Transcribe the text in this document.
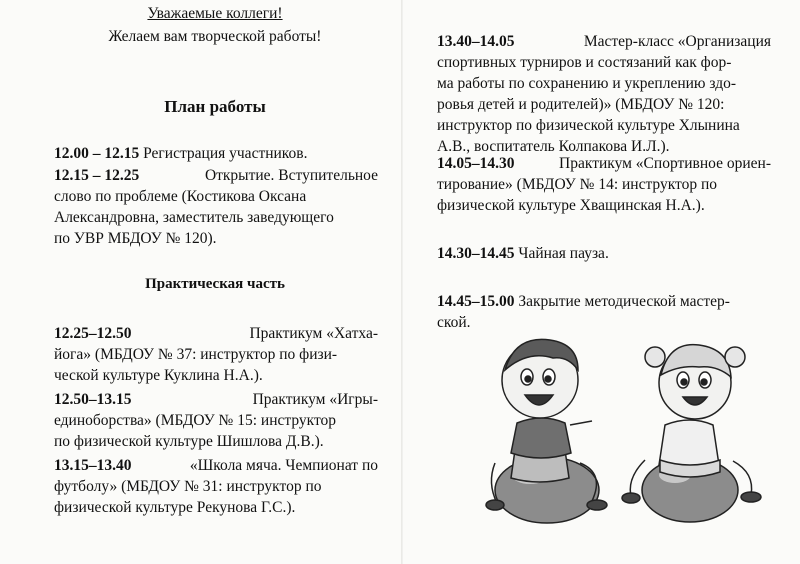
Уважаемые коллеги!
Желаем вам творческой работы!
План работы
12.00 – 12.15 Регистрация участников.
12.15 – 12.25	Открытие. Вступительное
слово по проблеме (Костикова Оксана
Александровна, заместитель заведующего
по УВР МБДОУ № 120).
Практическая часть
12.25–12.50	Практикум «Хатха-
йога» (МБДОУ № 37: инструктор по физи-
ческой культуре Куклина Н.А.).
12.50–13.15	Практикум «Игры-
единоборства» (МБДОУ № 15: инструктор
по физической культуре Шишлова Д.В.).
13.15–13.40	«Школа мяча. Чемпионат по
футболу» (МБДОУ № 31: инструктор по
физической культуре Рекунова Г.С.).
13.40–14.05	Мастер-класс «Организация
спортивных турниров и состязаний как фор-
ма работы по сохранению и укреплению здо-
ровья детей и родителей)» (МБДОУ № 120:
инструктор по физической культуре Хлынина
А.В., воспитатель Колпакова И.Л.).
14.05–14.30	Практикум «Спортивное ориен-
тирование» (МБДОУ № 14: инструктор по
физической культуре Хващинская Н.А.).
14.30–14.45 Чайная пауза.
14.45–15.00 Закрытие методической мастер-
ской.
